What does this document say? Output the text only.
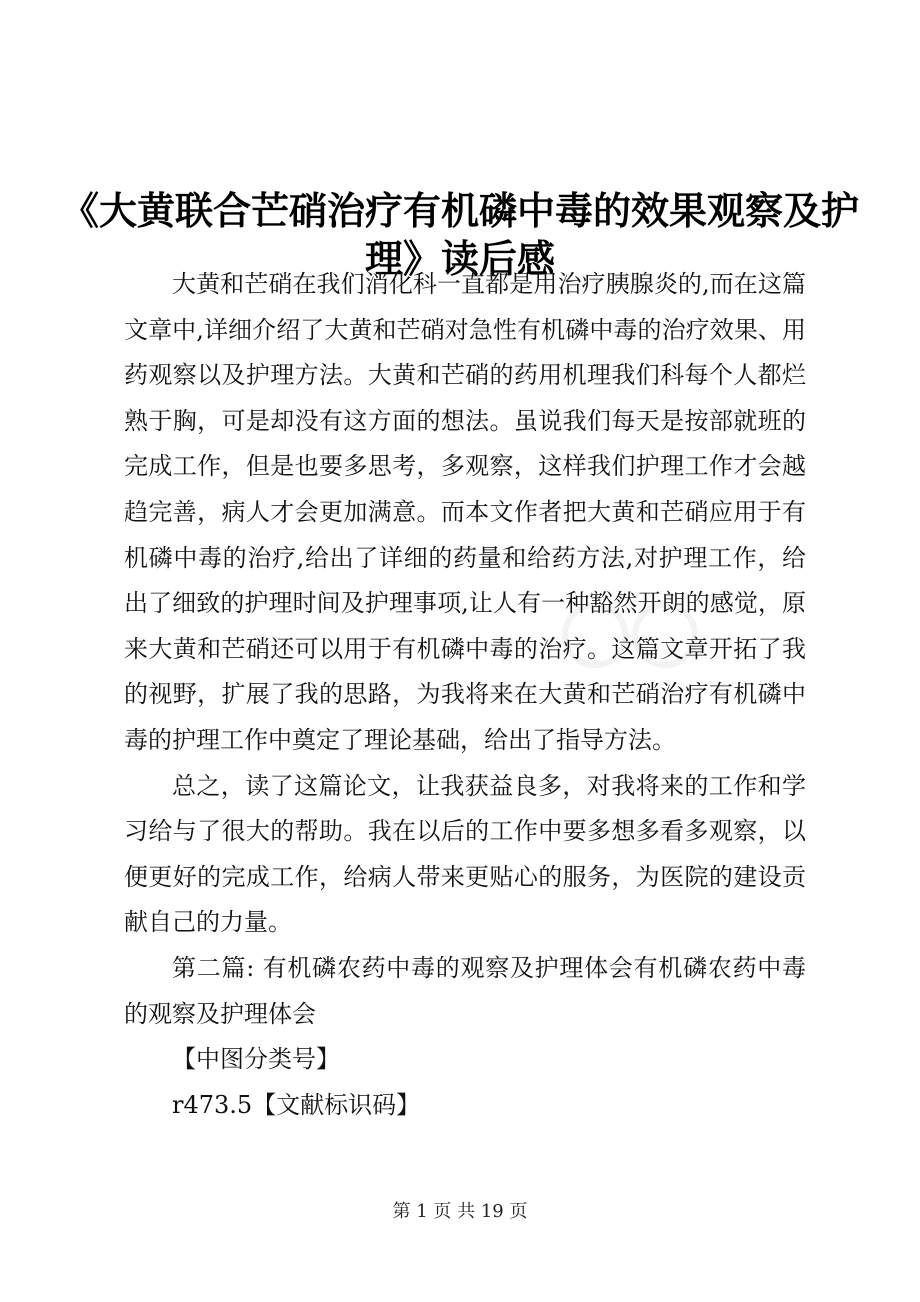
《大黄联合芒硝治疗有机磷中毒的效果观察及护理》读后感

大黄和芒硝在我们消化科一直都是用治疗胰腺炎的,而在这篇文章中,详细介绍了大黄和芒硝对急性有机磷中毒的治疗效果、用药观察以及护理方法。大黄和芒硝的药用机理我们科每个人都烂熟于胸，可是却没有这方面的想法。虽说我们每天是按部就班的完成工作，但是也要多思考，多观察，这样我们护理工作才会越趋完善，病人才会更加满意。而本文作者把大黄和芒硝应用于有机磷中毒的治疗,给出了详细的药量和给药方法,对护理工作，给出了细致的护理时间及护理事项,让人有一种豁然开朗的感觉，原来大黄和芒硝还可以用于有机磷中毒的治疗。这篇文章开拓了我的视野，扩展了我的思路，为我将来在大黄和芒硝治疗有机磷中毒的护理工作中奠定了理论基础，给出了指导方法。

总之，读了这篇论文，让我获益良多，对我将来的工作和学习给与了很大的帮助。我在以后的工作中要多想多看多观察，以便更好的完成工作，给病人带来更贴心的服务，为医院的建设贡献自己的力量。

第二篇: 有机磷农药中毒的观察及护理体会有机磷农药中毒的观察及护理体会

【中图分类号】

r473.5【文献标识码】

第 1 页 共 19 页
